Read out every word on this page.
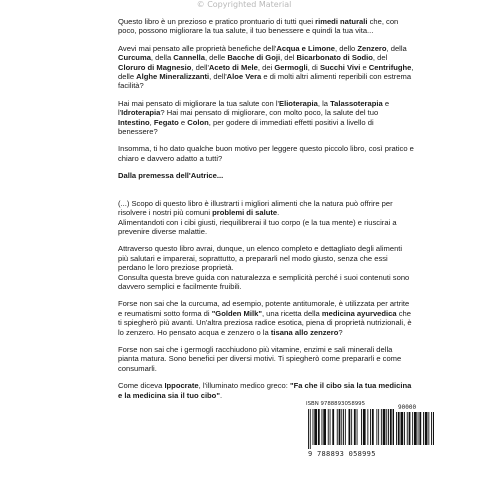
© Copyrighted Material

Questo libro è un prezioso e pratico prontuario di tutti quei rimedi naturali che, con poco, possono migliorare la tua salute, il tuo benessere e quindi la tua vita...

Avevi mai pensato alle proprietà benefiche dell'Acqua e Limone, dello Zenzero, della Curcuma, della Cannella, delle Bacche di Goji, del Bicarbonato di Sodio, del Cloruro di Magnesio, dell'Aceto di Mele, dei Germogli, di Succhi Vivi e Centrifughe, delle Alghe Mineralizzanti, dell'Aloe Vera e di molti altri alimenti reperibili con estrema facilità?

Hai mai pensato di migliorare la tua salute con l'Elioterapia, la Talassoterapia e l'Idroterapia? Hai mai pensato di migliorare, con molto poco, la salute del tuo Intestino, Fegato e Colon, per godere di immediati effetti positivi a livello di benessere?

Insomma, ti ho dato qualche buon motivo per leggere questo piccolo libro, così pratico e chiaro e davvero adatto a tutti?

Dalla premessa dell'Autrice...

(...) Scopo di questo libro è illustrarti i migliori alimenti che la natura può offrire per risolvere i nostri più comuni problemi di salute.
Alimentandoti con i cibi giusti, riequilibrerai il tuo corpo (e la tua mente) e riuscirai a prevenire diverse malattie.

Attraverso questo libro avrai, dunque, un elenco completo e dettagliato degli alimenti più salutari e imparerai, soprattutto, a prepararli nel modo giusto, senza che essi perdano le loro preziose proprietà.
Consulta questa breve guida con naturalezza e semplicità perché i suoi contenuti sono davvero semplici e facilmente fruibili.

Forse non sai che la curcuma, ad esempio, potente antitumorale, è utilizzata per artrite e reumatismi sotto forma di "Golden Milk", una ricetta della medicina ayurvedica che ti spiegherò più avanti. Un'altra preziosa radice esotica, piena di proprietà nutrizionali, è lo zenzero. Ho pensato acqua e zenzero o la tisana allo zenzero?

Forse non sai che i germogli racchiudono più vitamine, enzimi e sali minerali della pianta matura. Sono benefici per diversi motivi. Ti spiegherò come prepararli e come consumarli.

Come diceva Ippocrate, l'illuminato medico greco: "Fa che il cibo sia la tua medicina e la medicina sia il tuo cibo".

ISBN 9788893058995	90000
9 788893 058995
